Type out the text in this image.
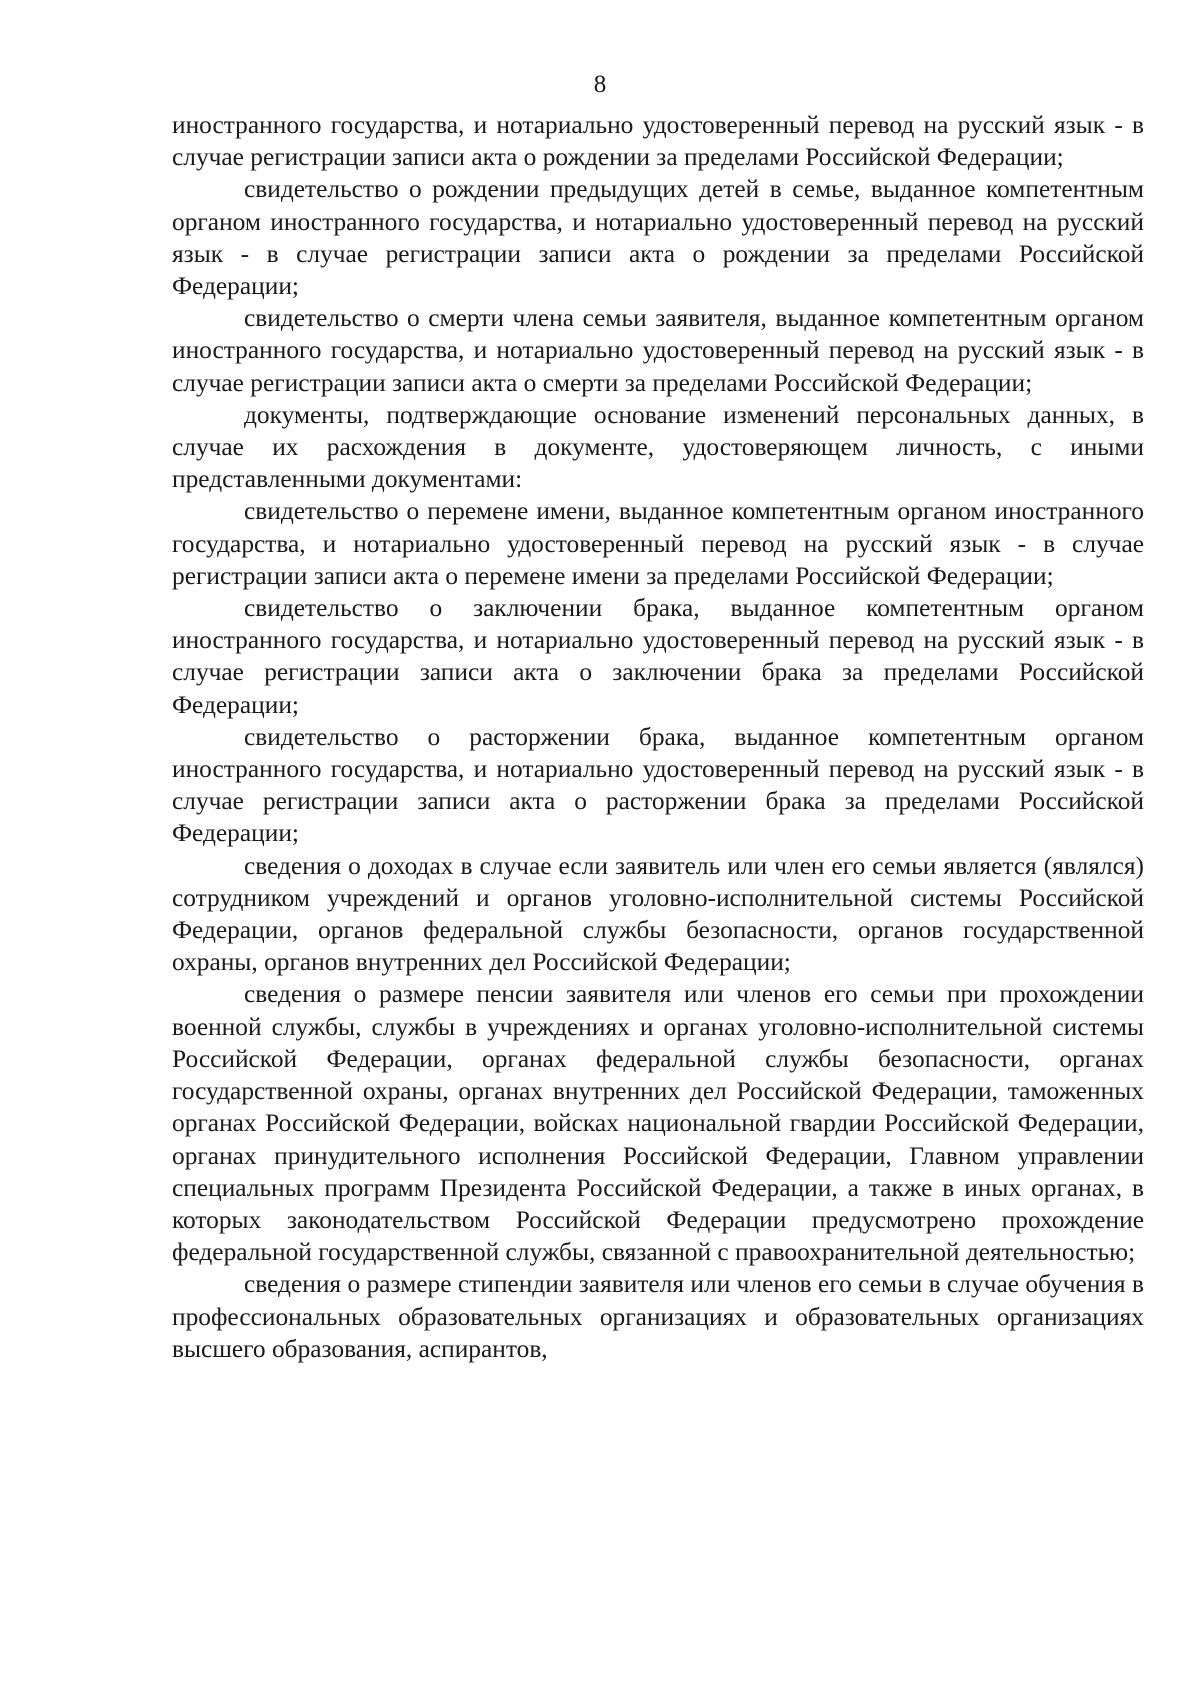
8

иностранного государства, и нотариально удостоверенный перевод на русский язык - в случае регистрации записи акта о рождении за пределами Российской Федерации;

свидетельство о рождении предыдущих детей в семье, выданное компетентным органом иностранного государства, и нотариально удостоверенный перевод на русский язык - в случае регистрации записи акта о рождении за пределами Российской Федерации;

свидетельство о смерти члена семьи заявителя, выданное компетентным органом иностранного государства, и нотариально удостоверенный перевод на русский язык - в случае регистрации записи акта о смерти за пределами Российской Федерации;

документы, подтверждающие основание изменений персональных данных, в случае их расхождения в документе, удостоверяющем личность, с иными представленными документами:

свидетельство о перемене имени, выданное компетентным органом иностранного государства, и нотариально удостоверенный перевод на русский язык - в случае регистрации записи акта о перемене имени за пределами Российской Федерации;

свидетельство о заключении брака, выданное компетентным органом иностранного государства, и нотариально удостоверенный перевод на русский язык - в случае регистрации записи акта о заключении брака за пределами Российской Федерации;

свидетельство о расторжении брака, выданное компетентным органом иностранного государства, и нотариально удостоверенный перевод на русский язык - в случае регистрации записи акта о расторжении брака за пределами Российской Федерации;

сведения о доходах в случае если заявитель или член его семьи является (являлся) сотрудником учреждений и органов уголовно-исполнительной системы Российской Федерации, органов федеральной службы безопасности, органов государственной охраны, органов внутренних дел Российской Федерации;

сведения о размере пенсии заявителя или членов его семьи при прохождении военной службы, службы в учреждениях и органах уголовно-исполнительной системы Российской Федерации, органах федеральной службы безопасности, органах государственной охраны, органах внутренних дел Российской Федерации, таможенных органах Российской Федерации, войсках национальной гвардии Российской Федерации, органах принудительного исполнения Российской Федерации, Главном управлении специальных программ Президента Российской Федерации, а также в иных органах, в которых законодательством Российской Федерации предусмотрено прохождение федеральной государственной службы, связанной с правоохранительной деятельностью;

сведения о размере стипендии заявителя или членов его семьи в случае обучения в профессиональных образовательных организациях и образовательных организациях высшего образования, аспирантов,
